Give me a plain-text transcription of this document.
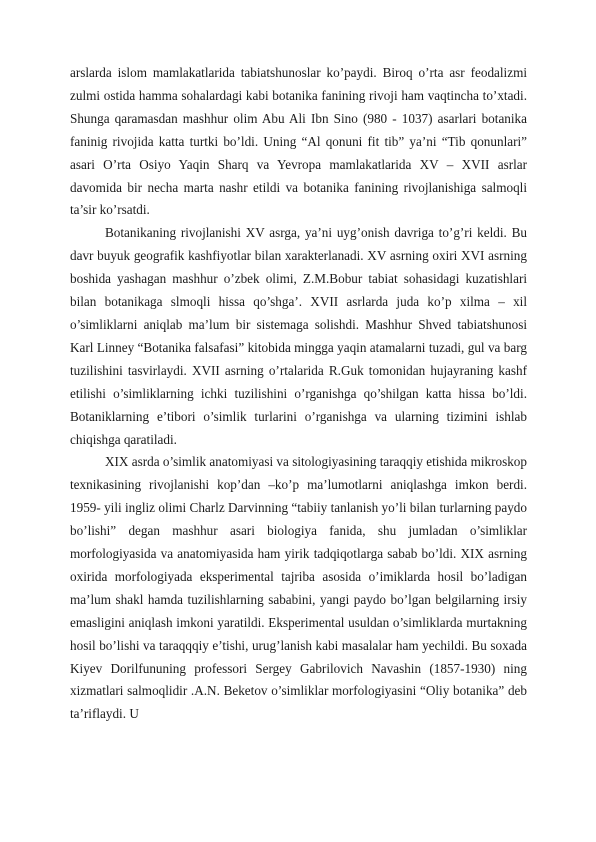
arslarda islom mamlakatlarida tabiatshunoslar ko’paydi. Biroq o’rta asr feodalizmi zulmi ostida hamma sohalardagi kabi botanika fanining rivoji ham vaqtincha to’xtadi. Shunga qaramasdan mashhur olim Abu Ali Ibn Sino (980 - 1037) asarlari botanika faninig rivojida katta turtki bo’ldi. Uning “Al qonuni fit tib” ya’ni “Tib qonunlari” asari O’rta Osiyo Yaqin Sharq va Yevropa mamlakatlarida XV – XVII asrlar davomida bir necha marta nashr etildi va botanika fanining rivojlanishiga salmoqli ta’sir ko’rsatdi.

Botanikaning rivojlanishi XV asrga, ya’ni uyg’onish davriga to’g’ri keldi. Bu davr buyuk geografik kashfiyotlar bilan xarakterlanadi. XV asrning oxiri XVI asrning boshida yashagan mashhur o’zbek olimi, Z.M.Bobur tabiat sohasidagi kuzatishlari bilan botanikaga slmoqli hissa qo’shga’. XVII asrlarda juda ko’p xilma – xil o’simliklarni aniqlab ma’lum bir sistemaga solishdi. Mashhur Shved tabiatshunosi Karl Linney “Botanika falsafasi” kitobida mingga yaqin atamalarni tuzadi, gul va barg tuzilishini tasvirlaydi. XVII asrning o’rtalarida R.Guk tomonidan hujayraning kashf etilishi o’simliklarning ichki tuzilishini o’rganishga qo’shilgan katta hissa bo’ldi. Botaniklarning e’tibori o’simlik turlarini o’rganishga va ularning tizimini ishlab chiqishga qaratiladi.

XIX asrda o’simlik anatomiyasi va sitologiyasining taraqqiy etishida mikroskop texnikasining rivojlanishi kop’dan –ko’p ma’lumotlarni aniqlashga imkon berdi. 1959- yili ingliz olimi Charlz Darvinning “tabiiy tanlanish yo’li bilan turlarning paydo bo’lishi” degan mashhur asari biologiya fanida, shu jumladan o’simliklar morfologiyasida va anatomiyasida ham yirik tadqiqotlarga sabab bo’ldi. XIX asrning oxirida morfologiyada eksperimental tajriba asosida o’imiklarda hosil bo’ladigan ma’lum shakl hamda tuzilishlarning sababini, yangi paydo bo’lgan belgilarning irsiy emasligini aniqlash imkoni yaratildi. Eksperimental usuldan o’simliklarda murtakning hosil bo’lishi va taraqqqiy e’tishi, urug’lanish kabi masalalar ham yechildi. Bu soxada Kiyev Dorilfununing professori Sergey Gabrilovich Navashin (1857-1930) ning xizmatlari salmoqlidir .A.N. Beketov o’simliklar morfologiyasini “Oliy botanika” deb ta’riflaydi. U
